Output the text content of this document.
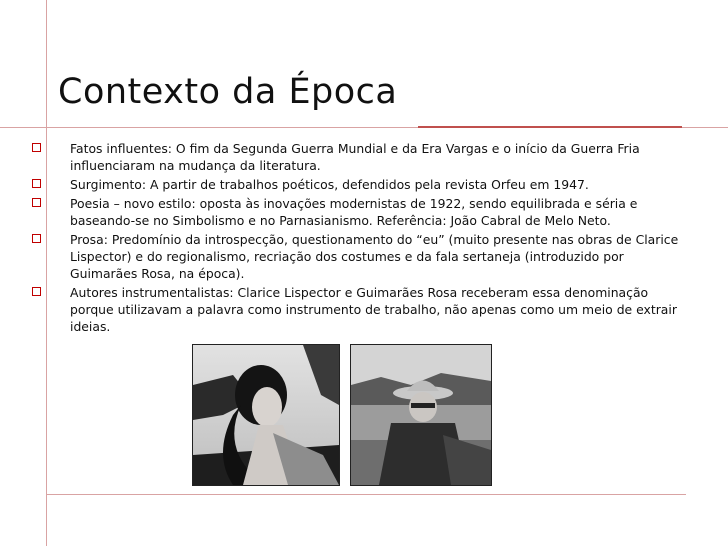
Contexto da Época
Fatos influentes: O fim da Segunda Guerra Mundial e da Era Vargas e o início da Guerra Fria influenciaram na mudança da literatura.
Surgimento: A partir de trabalhos poéticos, defendidos pela revista Orfeu em 1947.
Poesia – novo estilo: oposta às inovações modernistas de 1922, sendo equilibrada e séria e baseando-se no Simbolismo e no Parnasianismo. Referência: João Cabral de Melo Neto.
Prosa: Predomínio da introspecção, questionamento do “eu” (muito presente nas obras de Clarice Lispector) e do regionalismo, recriação dos costumes e da fala sertaneja (introduzido por Guimarães Rosa, na época).
Autores instrumentalistas: Clarice Lispector e Guimarães Rosa receberam essa denominação porque utilizavam a palavra como instrumento de trabalho, não apenas como um meio de extrair ideias.
